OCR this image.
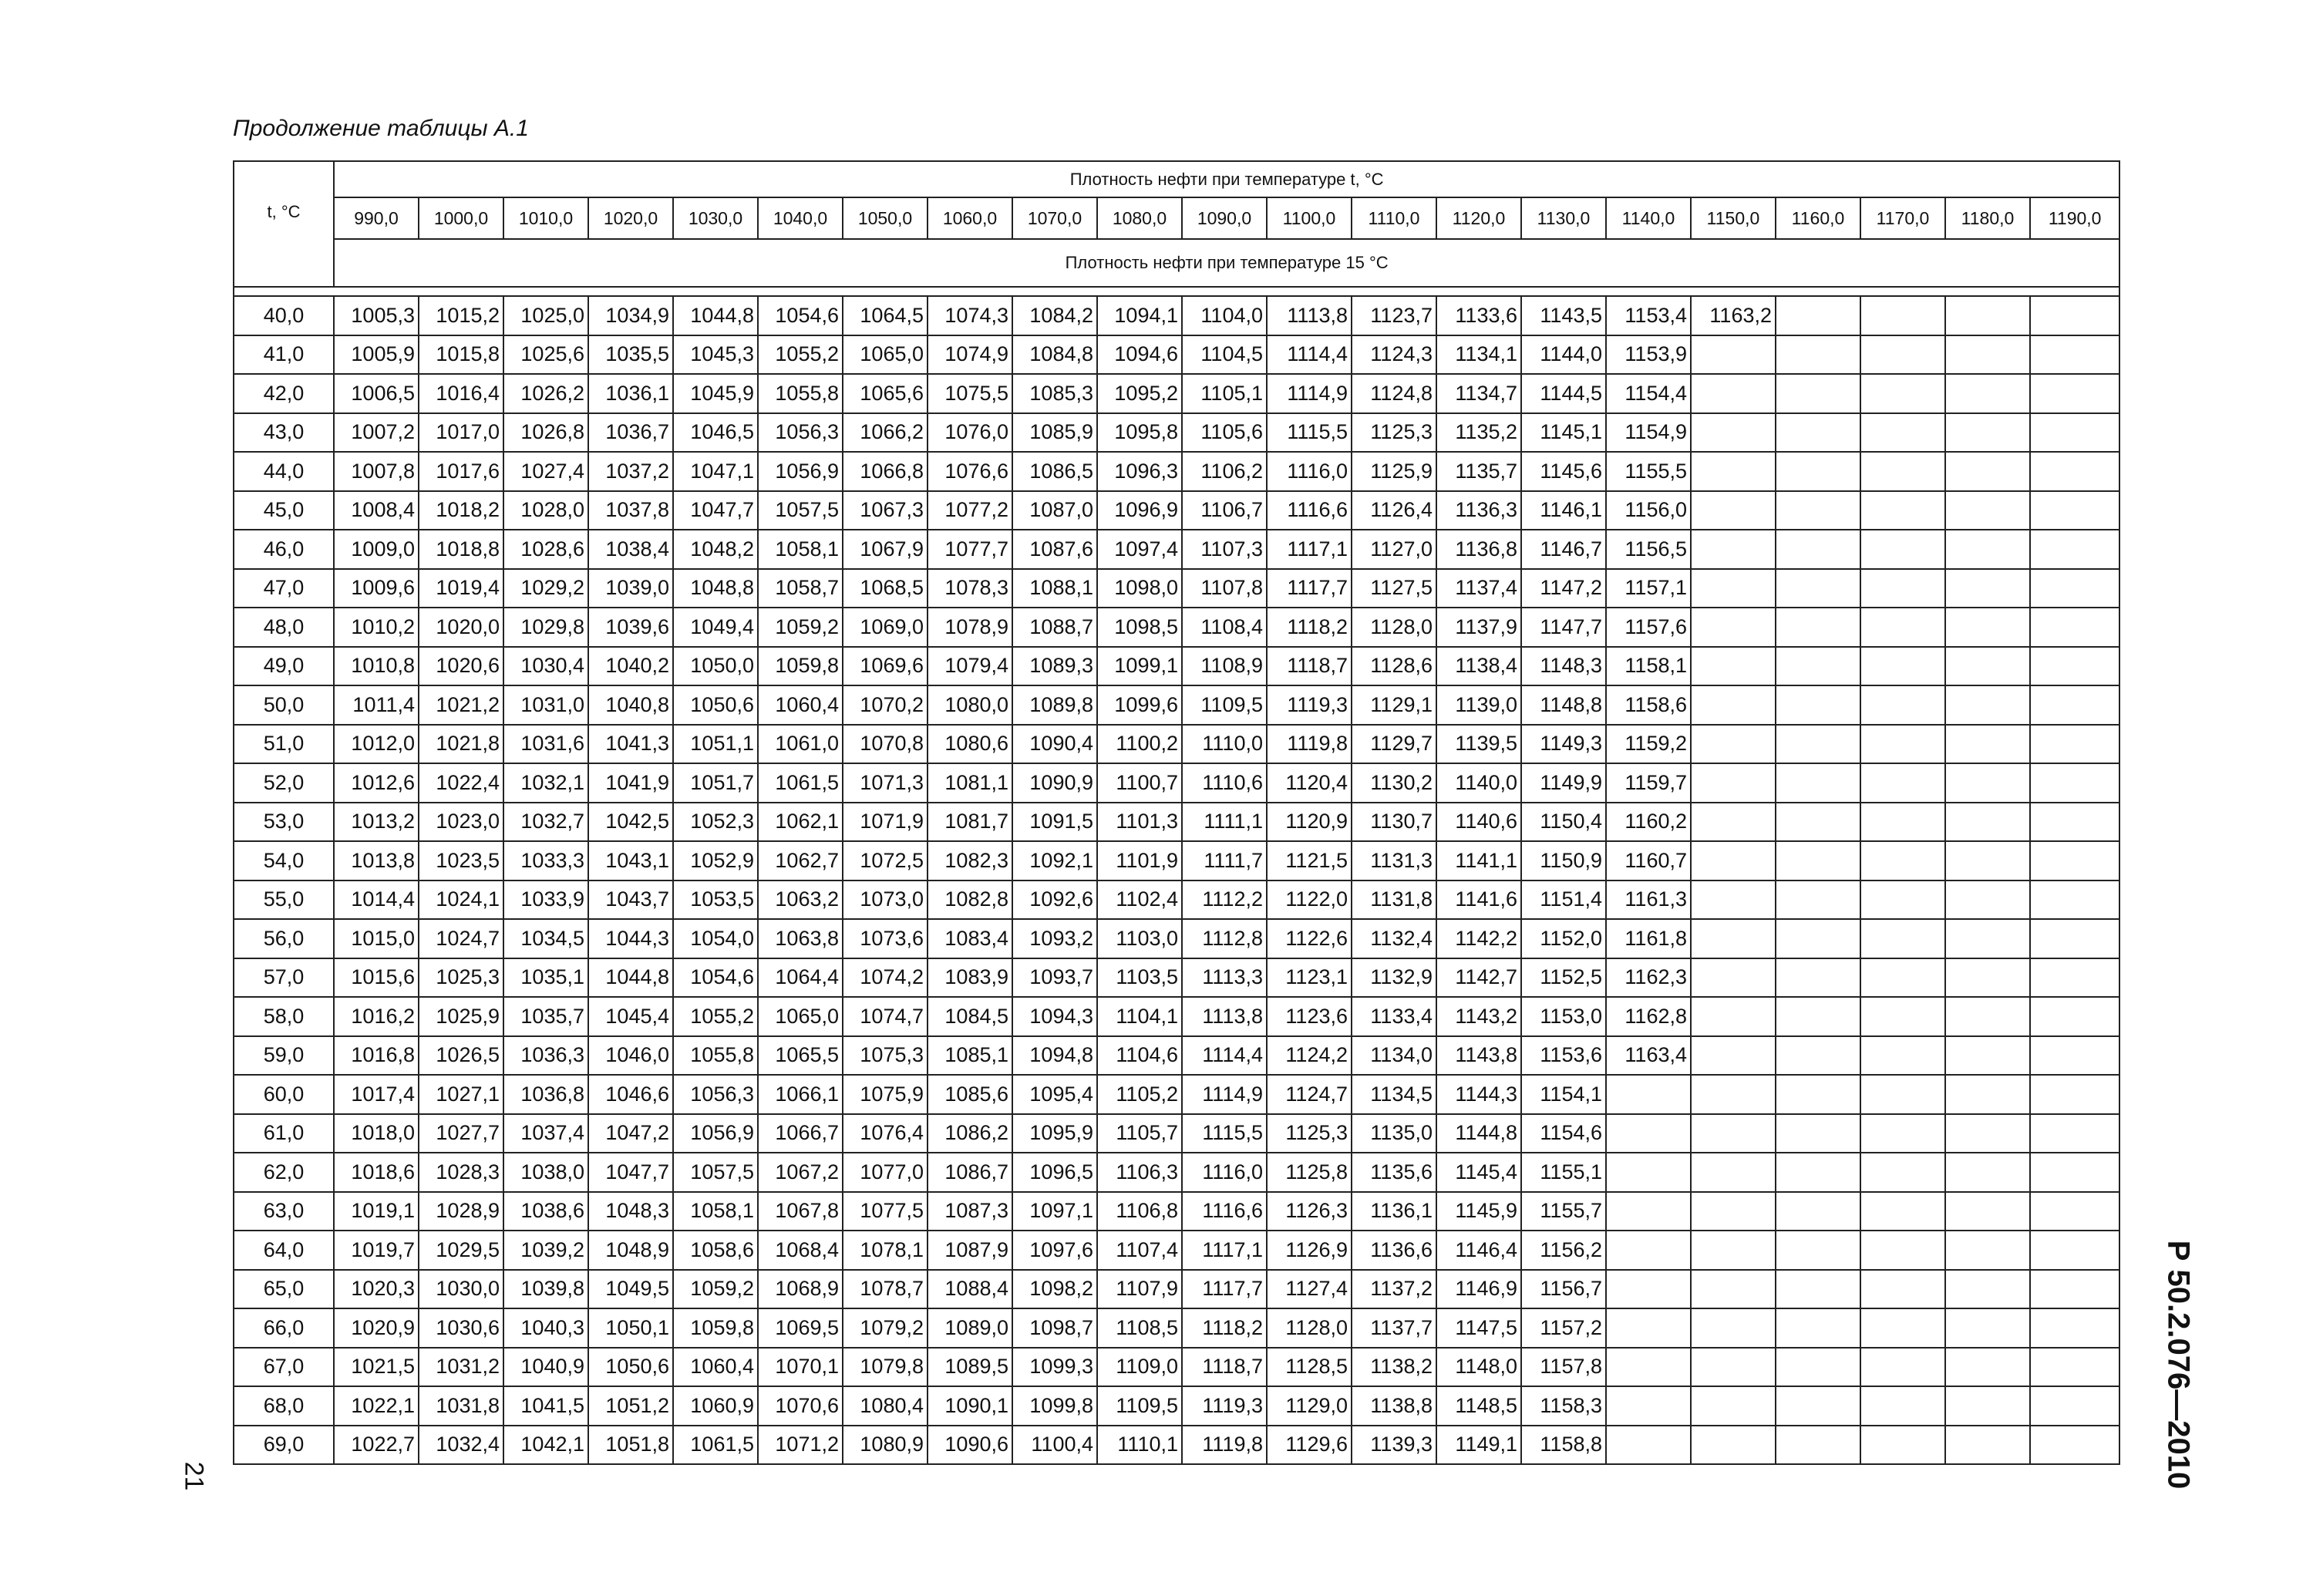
Продолжение таблицы А.1
t, °C	Плотность нефти при температуре t, °С																				
	990,0	1000,0	1010,0	1020,0	1030,0	1040,0	1050,0	1060,0	1070,0	1080,0	1090,0	1100,0	1110,0	1120,0	1130,0	1140,0	1150,0	1160,0	1170,0	1180,0	1190,0
	Плотность нефти при температуре 15 °С																				

40,0	1005,3	1015,2	1025,0	1034,9	1044,8	1054,6	1064,5	1074,3	1084,2	1094,1	1104,0	1113,8	1123,7	1133,6	1143,5	1153,4	1163,2				
41,0	1005,9	1015,8	1025,6	1035,5	1045,3	1055,2	1065,0	1074,9	1084,8	1094,6	1104,5	1114,4	1124,3	1134,1	1144,0	1153,9					
42,0	1006,5	1016,4	1026,2	1036,1	1045,9	1055,8	1065,6	1075,5	1085,3	1095,2	1105,1	1114,9	1124,8	1134,7	1144,5	1154,4					
43,0	1007,2	1017,0	1026,8	1036,7	1046,5	1056,3	1066,2	1076,0	1085,9	1095,8	1105,6	1115,5	1125,3	1135,2	1145,1	1154,9					
44,0	1007,8	1017,6	1027,4	1037,2	1047,1	1056,9	1066,8	1076,6	1086,5	1096,3	1106,2	1116,0	1125,9	1135,7	1145,6	1155,5					
45,0	1008,4	1018,2	1028,0	1037,8	1047,7	1057,5	1067,3	1077,2	1087,0	1096,9	1106,7	1116,6	1126,4	1136,3	1146,1	1156,0					
46,0	1009,0	1018,8	1028,6	1038,4	1048,2	1058,1	1067,9	1077,7	1087,6	1097,4	1107,3	1117,1	1127,0	1136,8	1146,7	1156,5					
47,0	1009,6	1019,4	1029,2	1039,0	1048,8	1058,7	1068,5	1078,3	1088,1	1098,0	1107,8	1117,7	1127,5	1137,4	1147,2	1157,1					
48,0	1010,2	1020,0	1029,8	1039,6	1049,4	1059,2	1069,0	1078,9	1088,7	1098,5	1108,4	1118,2	1128,0	1137,9	1147,7	1157,6					
49,0	1010,8	1020,6	1030,4	1040,2	1050,0	1059,8	1069,6	1079,4	1089,3	1099,1	1108,9	1118,7	1128,6	1138,4	1148,3	1158,1					
50,0	1011,4	1021,2	1031,0	1040,8	1050,6	1060,4	1070,2	1080,0	1089,8	1099,6	1109,5	1119,3	1129,1	1139,0	1148,8	1158,6					
51,0	1012,0	1021,8	1031,6	1041,3	1051,1	1061,0	1070,8	1080,6	1090,4	1100,2	1110,0	1119,8	1129,7	1139,5	1149,3	1159,2					
52,0	1012,6	1022,4	1032,1	1041,9	1051,7	1061,5	1071,3	1081,1	1090,9	1100,7	1110,6	1120,4	1130,2	1140,0	1149,9	1159,7					
53,0	1013,2	1023,0	1032,7	1042,5	1052,3	1062,1	1071,9	1081,7	1091,5	1101,3	1111,1	1120,9	1130,7	1140,6	1150,4	1160,2					
54,0	1013,8	1023,5	1033,3	1043,1	1052,9	1062,7	1072,5	1082,3	1092,1	1101,9	1111,7	1121,5	1131,3	1141,1	1150,9	1160,7					
55,0	1014,4	1024,1	1033,9	1043,7	1053,5	1063,2	1073,0	1082,8	1092,6	1102,4	1112,2	1122,0	1131,8	1141,6	1151,4	1161,3					
56,0	1015,0	1024,7	1034,5	1044,3	1054,0	1063,8	1073,6	1083,4	1093,2	1103,0	1112,8	1122,6	1132,4	1142,2	1152,0	1161,8					
57,0	1015,6	1025,3	1035,1	1044,8	1054,6	1064,4	1074,2	1083,9	1093,7	1103,5	1113,3	1123,1	1132,9	1142,7	1152,5	1162,3					
58,0	1016,2	1025,9	1035,7	1045,4	1055,2	1065,0	1074,7	1084,5	1094,3	1104,1	1113,8	1123,6	1133,4	1143,2	1153,0	1162,8					
59,0	1016,8	1026,5	1036,3	1046,0	1055,8	1065,5	1075,3	1085,1	1094,8	1104,6	1114,4	1124,2	1134,0	1143,8	1153,6	1163,4					
60,0	1017,4	1027,1	1036,8	1046,6	1056,3	1066,1	1075,9	1085,6	1095,4	1105,2	1114,9	1124,7	1134,5	1144,3	1154,1						
61,0	1018,0	1027,7	1037,4	1047,2	1056,9	1066,7	1076,4	1086,2	1095,9	1105,7	1115,5	1125,3	1135,0	1144,8	1154,6						
62,0	1018,6	1028,3	1038,0	1047,7	1057,5	1067,2	1077,0	1086,7	1096,5	1106,3	1116,0	1125,8	1135,6	1145,4	1155,1						
63,0	1019,1	1028,9	1038,6	1048,3	1058,1	1067,8	1077,5	1087,3	1097,1	1106,8	1116,6	1126,3	1136,1	1145,9	1155,7						
64,0	1019,7	1029,5	1039,2	1048,9	1058,6	1068,4	1078,1	1087,9	1097,6	1107,4	1117,1	1126,9	1136,6	1146,4	1156,2						
65,0	1020,3	1030,0	1039,8	1049,5	1059,2	1068,9	1078,7	1088,4	1098,2	1107,9	1117,7	1127,4	1137,2	1146,9	1156,7						
66,0	1020,9	1030,6	1040,3	1050,1	1059,8	1069,5	1079,2	1089,0	1098,7	1108,5	1118,2	1128,0	1137,7	1147,5	1157,2						
67,0	1021,5	1031,2	1040,9	1050,6	1060,4	1070,1	1079,8	1089,5	1099,3	1109,0	1118,7	1128,5	1138,2	1148,0	1157,8						
68,0	1022,1	1031,8	1041,5	1051,2	1060,9	1070,6	1080,4	1090,1	1099,8	1109,5	1119,3	1129,0	1138,8	1148,5	1158,3						
69,0	1022,7	1032,4	1042,1	1051,8	1061,5	1071,2	1080,9	1090,6	1100,4	1110,1	1119,8	1129,6	1139,3	1149,1	1158,8						
21	Р 50.2.076—2010
